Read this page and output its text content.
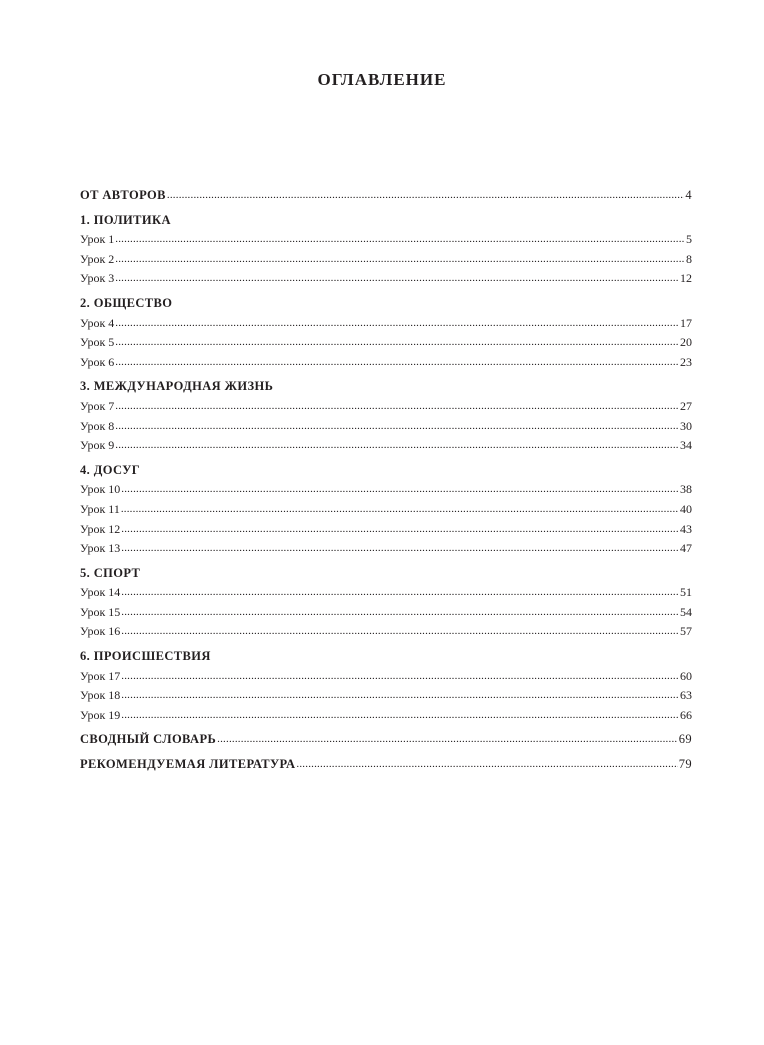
ОГЛАВЛЕНИЕ
ОТ АВТОРОВ .....	4
1. ПОЛИТИКА
Урок 1 .....	5
Урок 2 .....	8
Урок 3 .....	12
2. ОБЩЕСТВО
Урок 4 .....	17
Урок 5 .....	20
Урок 6 .....	23
3. МЕЖДУНАРОДНАЯ ЖИЗНЬ
Урок 7 .....	27
Урок 8 .....	30
Урок 9 .....	34
4. ДОСУГ
Урок 10 .....	38
Урок 11 .....	40
Урок 12 .....	43
Урок 13 .....	47
5. СПОРТ
Урок 14 .....	51
Урок 15 .....	54
Урок 16 .....	57
6. ПРОИСШЕСТВИЯ
Урок 17 .....	60
Урок 18 .....	63
Урок 19 .....	66
СВОДНЫЙ СЛОВАРЬ .....	69
РЕКОМЕНДУЕМАЯ ЛИТЕРАТУРА .....	79
